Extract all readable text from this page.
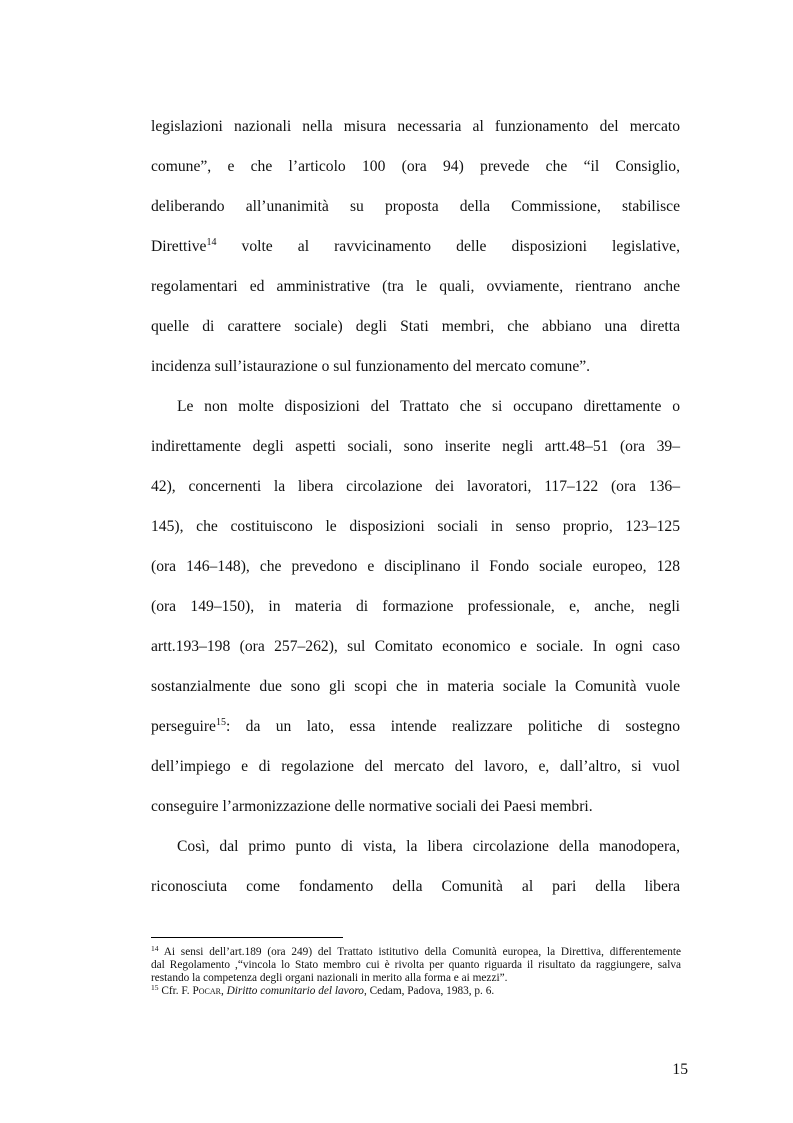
legislazioni nazionali nella misura necessaria al funzionamento del mercato
comune”, e che l’articolo 100 (ora 94) prevede che “il Consiglio,
deliberando all’unanimità su proposta della Commissione, stabilisce
Direttive$^{14}$ volte al ravvicinamento delle disposizioni legislative,
regolamentari ed amministrative (tra le quali, ovviamente, rientrano anche
quelle di carattere sociale) degli Stati membri, che abbiano una diretta
incidenza sull’istaurazione o sul funzionamento del mercato comune”.
Le non molte disposizioni del Trattato che si occupano direttamente o
indirettamente degli aspetti sociali, sono inserite negli artt.48–51 (ora 39–
42), concernenti la libera circolazione dei lavoratori, 117–122 (ora 136–
145), che costituiscono le disposizioni sociali in senso proprio, 123–125
(ora 146–148), che prevedono e disciplinano il Fondo sociale europeo, 128
(ora 149–150), in materia di formazione professionale, e, anche, negli
artt.193–198 (ora 257–262), sul Comitato economico e sociale. In ogni caso
sostanzialmente due sono gli scopi che in materia sociale la Comunità vuole
perseguire$^{15}$: da un lato, essa intende realizzare politiche di sostegno
dell’impiego e di regolazione del mercato del lavoro, e, dall’altro, si vuol
conseguire l’armonizzazione delle normative sociali dei Paesi membri.
Così, dal primo punto di vista, la libera circolazione della manodopera,
riconosciuta come fondamento della Comunità al pari della libera
$^{14}$ Ai sensi dell’art.189 (ora 249) del Trattato istitutivo della Comunità europea, la Direttiva, differentemente
dal Regolamento ,“vincola lo Stato membro cui è rivolta per quanto riguarda il risultato da raggiungere, salva
restando la competenza degli organi nazionali in merito alla forma e ai mezzi”.
$^{15}$ Cfr. F. Pocar, Diritto comunitario del lavoro, Cedam, Padova, 1983, p. 6.
15
